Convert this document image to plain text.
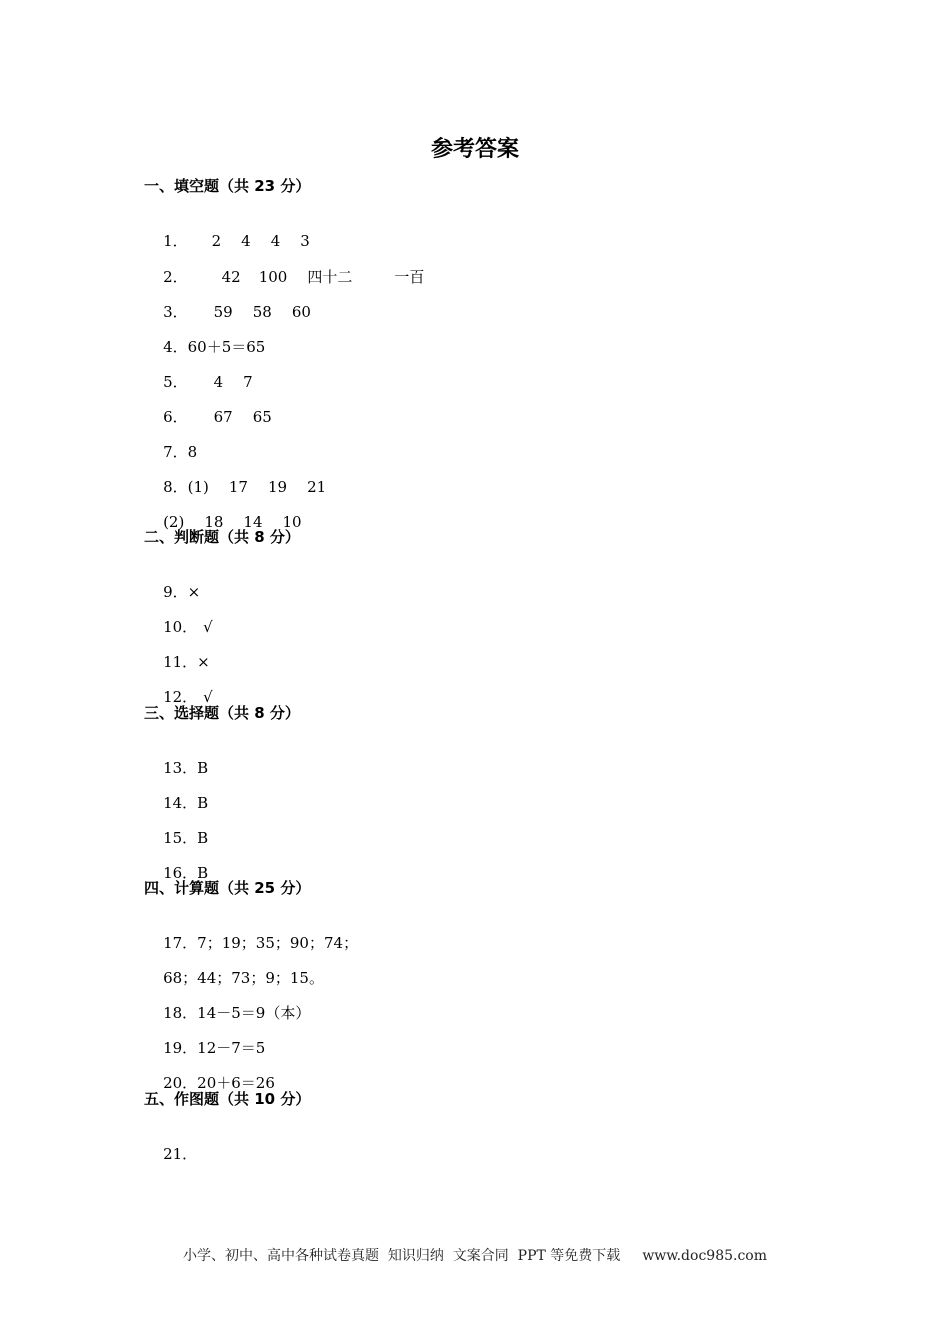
参考答案
一、填空题（共 23 分）

1． 2 4 4 3

2． 42 100 四十二	一百

3． 59 58 60

4．60＋5＝65

5． 4 7

6． 67 65

7．8

8．(1) 17 19 21

(2) 18 14 10

二、判断题（共 8 分）

9．×

10． √

11．×

12． √

三、选择题（共 8 分）

13．B

14．B

15．B

16．B

四、计算题（共 25 分）

17．7；19；35；90；74；

68；44；73；9；15。

18．14－5＝9（本）

19．12－7＝5

20．20＋6＝26

五、作图题（共 10 分）

21．

小学、初中、高中各种试卷真题  知识归纳  文案合同  PPT 等免费下载 www.doc985.com
